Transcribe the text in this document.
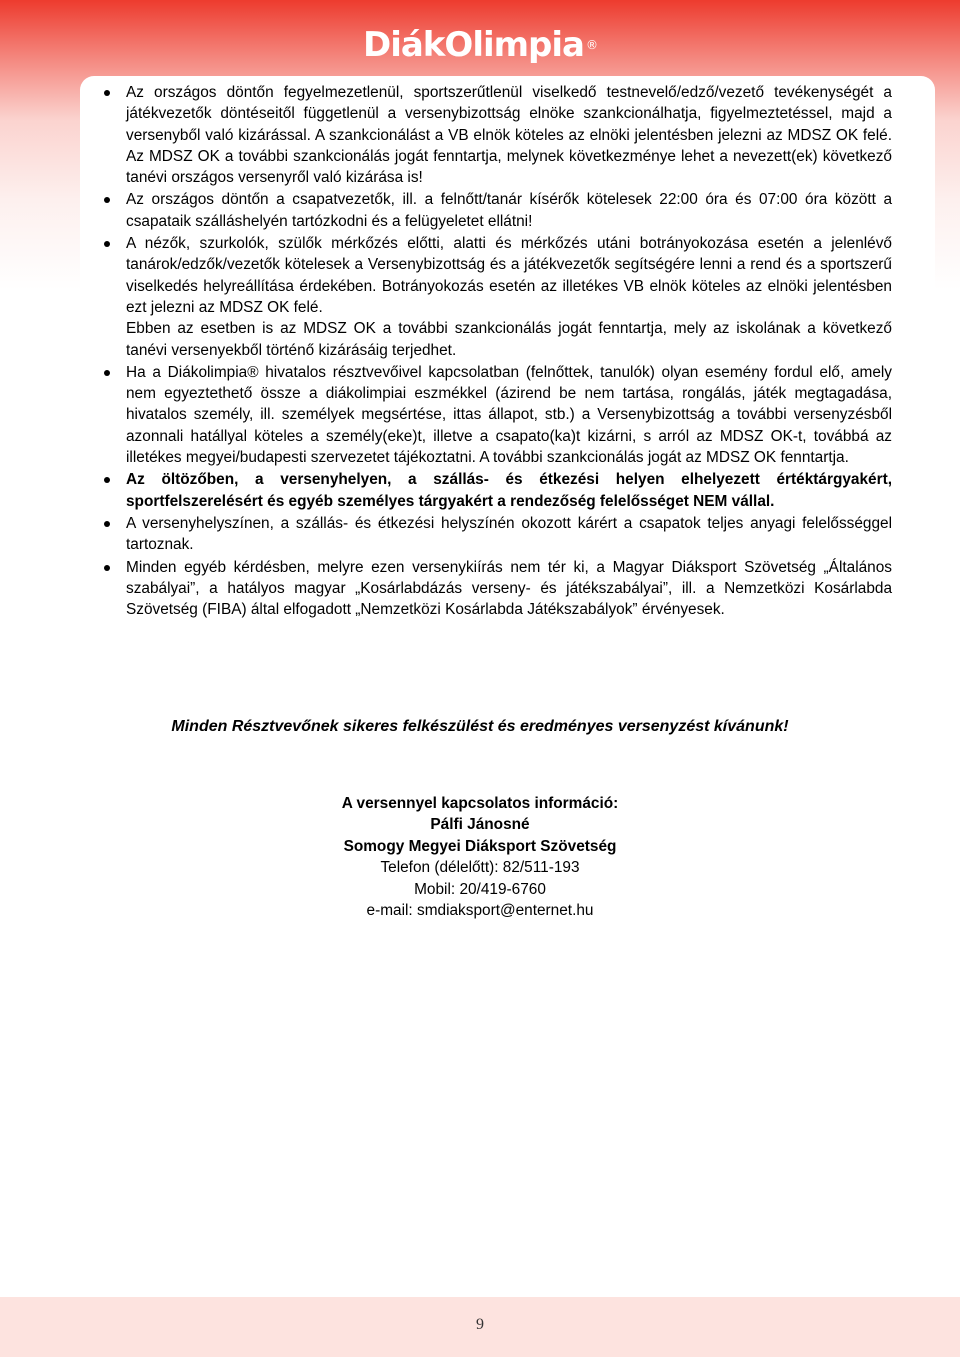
DiákOlimpia ®

Az országos döntőn fegyelmezetlenül, sportszerűtlenül viselkedő testnevelő/edző/vezető tevékenységét a játékvezetők döntéseitől függetlenül a versenybizottság elnöke szankcionálhatja, figyelmeztetéssel, majd a versenyből való kizárással. A szankcionálást a VB elnök köteles az elnöki jelentésben jelezni az MDSZ OK felé. Az MDSZ OK a további szankcionálás jogát fenntartja, melynek következménye lehet a nevezett(ek) következő tanévi országos versenyről való kizárása is!

Az országos döntőn a csapatvezetők, ill. a felnőtt/tanár kísérők kötelesek 22:00 óra és 07:00 óra között a csapataik szálláshelyén tartózkodni és a felügyeletet ellátni!

A nézők, szurkolók, szülők mérkőzés előtti, alatti és mérkőzés utáni botrányokozása esetén a jelenlévő tanárok/edzők/vezetők kötelesek a Versenybizottság és a játékvezetők segítségére lenni a rend és a sportszerű viselkedés helyreállítása érdekében. Botrányokozás esetén az illetékes VB elnök köteles az elnöki jelentésben ezt jelezni az MDSZ OK felé.

Ebben az esetben is az MDSZ OK a további szankcionálás jogát fenntartja, mely az iskolának a következő tanévi versenyekből történő kizárásáig terjedhet.

Ha a Diákolimpia® hivatalos résztvevőivel kapcsolatban (felnőttek, tanulók) olyan esemény fordul elő, amely nem egyeztethető össze a diákolimpiai eszmékkel (ázirend be nem tartása, rongálás, játék megtagadása, hivatalos személy, ill. személyek megsértése, ittas állapot, stb.) a Versenybizottság a további versenyzésből azonnali hatállyal köteles a személy(eke)t, illetve a csapato(ka)t kizárni, s arról az MDSZ OK-t, továbbá az illetékes megyei/budapesti szervezetet tájékoztatni. A további szankcionálás jogát az MDSZ OK fenntartja.

Az öltözőben, a versenyhelyen, a szállás- és étkezési helyen elhelyezett értéktárgyakért, sportfelszerelésért és egyéb személyes tárgyakért a rendezőség felelősséget NEM vállal.

A versenyhelyszínen, a szállás- és étkezési helyszínén okozott kárért a csapatok teljes anyagi felelősséggel tartoznak.

Minden egyéb kérdésben, melyre ezen versenykiírás nem tér ki, a Magyar Diáksport Szövetség „Általános szabályai”, a hatályos magyar „Kosárlabdázás verseny- és játékszabályai”, ill. a Nemzetközi Kosárlabda Szövetség (FIBA) által elfogadott „Nemzetközi Kosárlabda Játékszabályok” érvényesek.

Minden Résztvevőnek sikeres felkészülést és eredményes versenyzést kívánunk!
A versennyel kapcsolatos információ:
Pálfi Jánosné
Somogy Megyei Diáksport Szövetség
Telefon (délelőtt): 82/511-193
Mobil: 20/419-6760
e-mail: smdiaksport@enternet.hu
9
